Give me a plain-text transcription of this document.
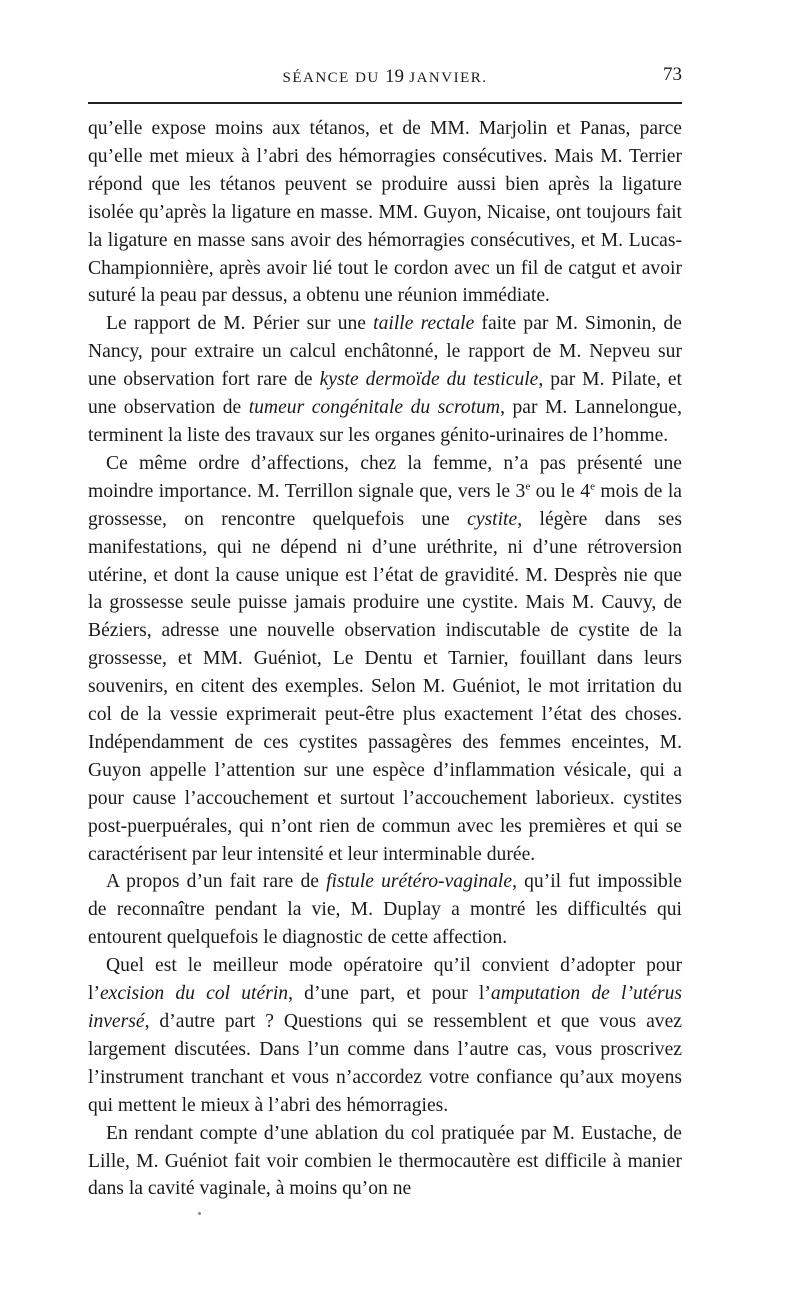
SÉANCE DU 19 JANVIER.	73

qu’elle expose moins aux tétanos, et de MM. Marjolin et Panas, parce qu’elle met mieux à l’abri des hémorragies consécutives. Mais M. Terrier répond que les tétanos peuvent se produire aussi bien après la ligature isolée qu’après la ligature en masse. MM. Guyon, Nicaise, ont toujours fait la ligature en masse sans avoir des hémorragies consécutives, et M. Lucas-Championnière, après avoir lié tout le cordon avec un fil de catgut et avoir suturé la peau par dessus, a obtenu une réunion immédiate.

Le rapport de M. Périer sur une taille rectale faite par M. Simonin, de Nancy, pour extraire un calcul enchâtonné, le rapport de M. Nepveu sur une observation fort rare de kyste dermoïde du testicule, par M. Pilate, et une observation de tumeur congénitale du scrotum, par M. Lannelongue, terminent la liste des travaux sur les organes génito-urinaires de l’homme.

Ce même ordre d’affections, chez la femme, n’a pas présenté une moindre importance. M. Terrillon signale que, vers le 3e ou le 4e mois de la grossesse, on rencontre quelquefois une cystite, légère dans ses manifestations, qui ne dépend ni d’une uréthrite, ni d’une rétroversion utérine, et dont la cause unique est l’état de gravidité. M. Desprès nie que la grossesse seule puisse jamais produire une cystite. Mais M. Cauvy, de Béziers, adresse une nouvelle observation indiscutable de cystite de la grossesse, et MM. Guéniot, Le Dentu et Tarnier, fouillant dans leurs souvenirs, en citent des exemples. Selon M. Guéniot, le mot irritation du col de la vessie exprimerait peut-être plus exactement l’état des choses. Indépendamment de ces cystites passagères des femmes enceintes, M. Guyon appelle l’attention sur une espèce d’inflammation vésicale, qui a pour cause l’accouchement et surtout l’accouchement laborieux. cystites post-puerpuérales, qui n’ont rien de commun avec les premières et qui se caractérisent par leur intensité et leur interminable durée.

A propos d’un fait rare de fistule urétéro-vaginale, qu’il fut impossible de reconnaître pendant la vie, M. Duplay a montré les difficultés qui entourent quelquefois le diagnostic de cette affection.

Quel est le meilleur mode opératoire qu’il convient d’adopter pour l’excision du col utérin, d’une part, et pour l’amputation de l’utérus inversé, d’autre part ? Questions qui se ressemblent et que vous avez largement discutées. Dans l’un comme dans l’autre cas, vous proscrivez l’instrument tranchant et vous n’accordez votre confiance qu’aux moyens qui mettent le mieux à l’abri des hémorragies.

En rendant compte d’une ablation du col pratiquée par M. Eustache, de Lille, M. Guéniot fait voir combien le thermocautère est difficile à manier dans la cavité vaginale, à moins qu’on ne
